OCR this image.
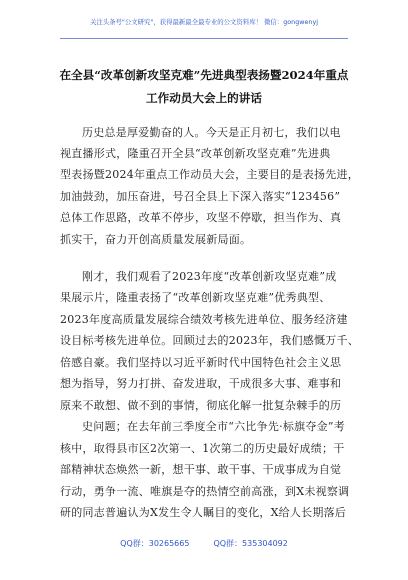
关注头条号"公文研究"，获得最新最全最专业的公文资料库！ 微信：gongwenyj
在全县“改革创新攻坚克难”先进典型表扬暨2024年重点
工作动员大会上的讲话
历史总是厚爱勤奋的人。今天是正月初七，我们以电
视直播形式，隆重召开全县“改革创新攻坚克难”先进典
型表扬暨2024年重点工作动员大会，主要目的是表扬先进，
加油鼓劲，加压奋进，号召全县上下深入落实“123456”
总体工作思路，改革不停步，攻坚不停歇，担当作为、真
抓实干，奋力开创高质量发展新局面。
刚才，我们观看了2023年度“改革创新攻坚克难”成
果展示片，隆重表扬了“改革创新攻坚克难”优秀典型、
2023年度高质量发展综合绩效考核先进单位、服务经济建
设目标考核先进单位。回顾过去的2023年，我们感慨万千、
倍感自豪。我们坚持以习近平新时代中国特色社会主义思
想为指导，努力打拼、奋发进取，干成很多大事、难事和
原来不敢想、做不到的事情，彻底化解一批复杂棘手的历
史问题；在去年前三季度全市“六比争先·标旗夺金”考
核中，取得县市区2次第一、1次第二的历史最好成绩；干
部精神状态焕然一新，想干事、敢干事、干成事成为自觉
行动，勇争一流、唯旗是夺的热情空前高涨，到X未视察调
研的同志普遍认为X发生令人瞩目的变化，X给人长期落后
QQ群：30265665	QQ群：535304092
